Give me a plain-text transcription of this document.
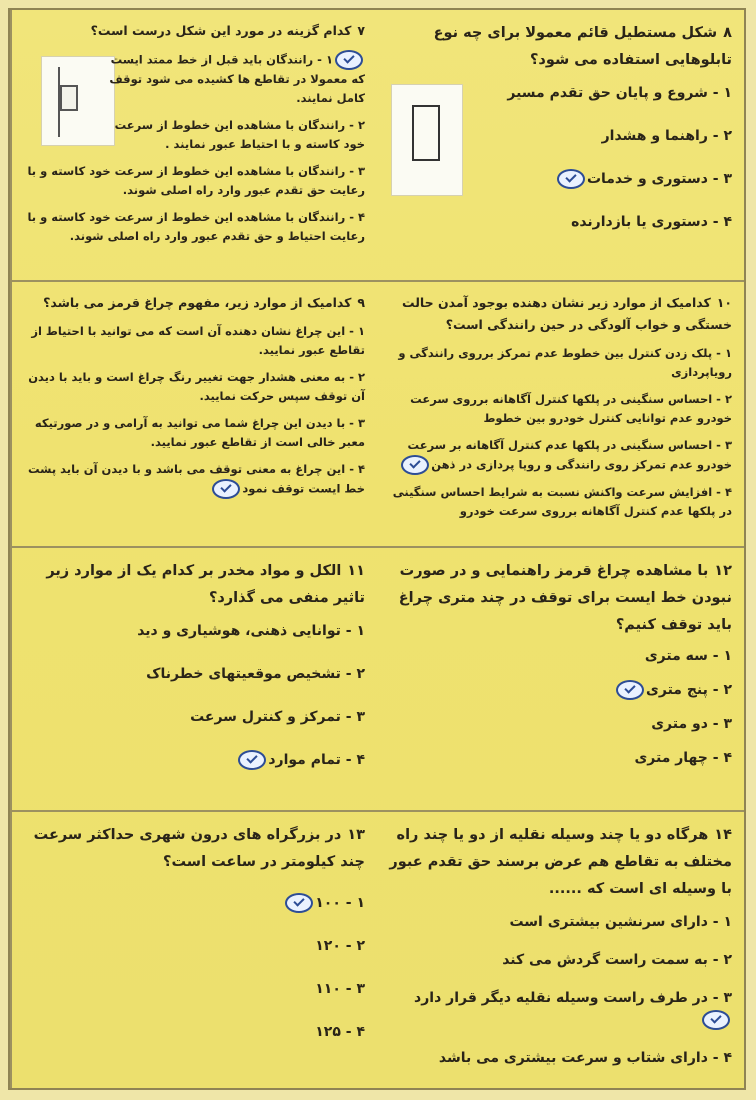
۷کدام گزینه در مورد این شکل درست است؟

۱ - رانندگان باید قبل از خط ممتد ایست که معمولا در تقاطع ها کشیده می شود توقف کامل نمایند.
۲ - رانندگان با مشاهده این خطوط از سرعت خود کاسته و با احتیاط عبور نمایند .
۳ - رانندگان با مشاهده این خطوط از سرعت خود کاسته و با رعایت حق تقدم عبور وارد راه اصلی شوند.
۴ - رانندگان با مشاهده این خطوط از سرعت خود کاسته و با رعایت احتیاط و حق تقدم عبور وارد راه اصلی شوند.

۸شکل مستطیل قائم معمولا برای چه نوع تابلوهایی استفاده می شود؟

۱ - شروع و پایان حق تقدم مسیر
۲ - راهنما و هشدار
۳ - دستوری و خدمات
۴ - دستوری یا بازدارنده

۹کدامیک از موارد زیر، مفهوم چراغ قرمز می باشد؟

۱ - این چراغ نشان دهنده آن است که می توانید با احتیاط از تقاطع عبور نمایید.
۲ - به معنی هشدار جهت تغییر رنگ چراغ است و باید با دیدن آن توقف سپس حرکت نمایید.
۳ - با دیدن این چراغ شما می توانید به آرامی و در صورتیکه معبر خالی است از تقاطع عبور نمایید.
۴ - این چراغ به معنی توقف می باشد و با دیدن آن باید پشت خط ایست توقف نمود

۱۰کدامیک از موارد زیر نشان دهنده بوجود آمدن حالت خستگی و خواب آلودگی در حین رانندگی است؟

۱ - پلک زدن کنترل بین خطوط عدم تمرکز برروی رانندگی و رویاپردازی
۲ - احساس سنگینی در پلکها کنترل آگاهانه برروی سرعت خودرو عدم توانایی کنترل خودرو بین خطوط
۳ - احساس سنگینی در پلکها عدم کنترل آگاهانه بر سرعت خودرو عدم تمرکز روی رانندگی و رویا پردازی در ذهن
۴ - افزایش سرعت واکنش نسبت به شرایط احساس سنگینی در پلکها عدم کنترل آگاهانه برروی سرعت خودرو

۱۱الکل و مواد مخدر بر کدام یک از موارد زیر تاثیر منفی می گذارد؟

۱ - توانایی ذهنی، هوشیاری و دید
۲ - تشخیص موقعیتهای خطرناک
۳ - تمرکز و کنترل سرعت
۴ - تمام موارد

۱۲با مشاهده چراغ قرمز راهنمایی و در صورت نبودن خط ایست برای توقف در چند متری چراغ باید توقف کنیم؟

۱ - سه متری
۲ - پنج متری
۳ - دو متری
۴ - چهار متری

۱۳در بزرگراه های درون شهری حداکثر سرعت چند کیلومتر در ساعت است؟

۱ - ۱۰۰
۲ - ۱۲۰
۳ - ۱۱۰
۴ - ۱۲۵

۱۴هرگاه دو یا چند وسیله نقلیه از دو یا چند راه مختلف به تقاطع هم عرض برسند حق تقدم عبور با وسیله ای است که ......

۱ - دارای سرنشین بیشتری است
۲ - به سمت راست گردش می کند
۳ - در طرف راست وسیله نقلیه دیگر قرار دارد
۴ - دارای شتاب و سرعت بیشتری می باشد
